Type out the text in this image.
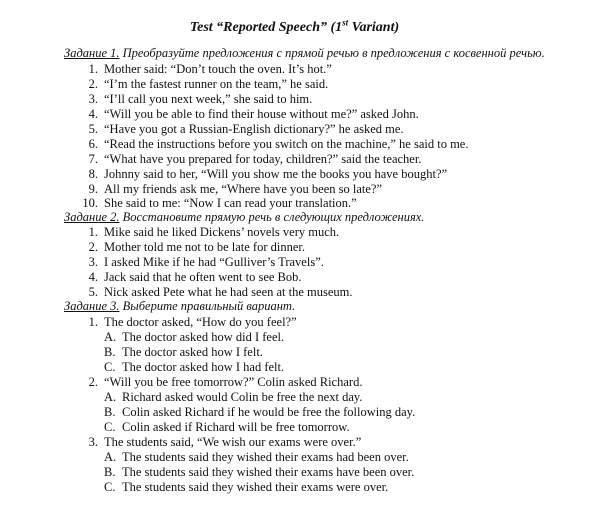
Test “Reported Speech” (1st Variant)
Задание 1. Преобразуйте предложения с прямой речью в предложения с косвенной речью.
1. Mother said: “Don’t touch the oven. It’s hot.”
2. “I’m the fastest runner on the team,” he said.
3. “I’ll call you next week,” she said to him.
4. “Will you be able to find their house without me?” asked John.
5. “Have you got a Russian-English dictionary?” he asked me.
6. “Read the instructions before you switch on the machine,” he said to me.
7. “What have you prepared for today, children?” said the teacher.
8. Johnny said to her, “Will you show me the books you have bought?”
9. All my friends ask me, “Where have you been so late?”
10. She said to me: “Now I can read your translation.”
Задание 2. Восстановите прямую речь в следующих предложениях.
1. Mike said he liked Dickens’ novels very much.
2. Mother told me not to be late for dinner.
3. I asked Mike if he had “Gulliver’s Travels”.
4. Jack said that he often went to see Bob.
5. Nick asked Pete what he had seen at the museum.
Задание 3. Выберите правильный вариант.
1. The doctor asked, “How do you feel?”
A. The doctor asked how did I feel.
B. The doctor asked how I felt.
C. The doctor asked how I had felt.
2. “Will you be free tomorrow?” Colin asked Richard.
A. Richard asked would Colin be free the next day.
B. Colin asked Richard if he would be free the following day.
C. Colin asked if Richard will be free tomorrow.
3. The students said, “We wish our exams were over.”
A. The students said they wished their exams had been over.
B. The students said they wished their exams have been over.
C. The students said they wished their exams were over.
